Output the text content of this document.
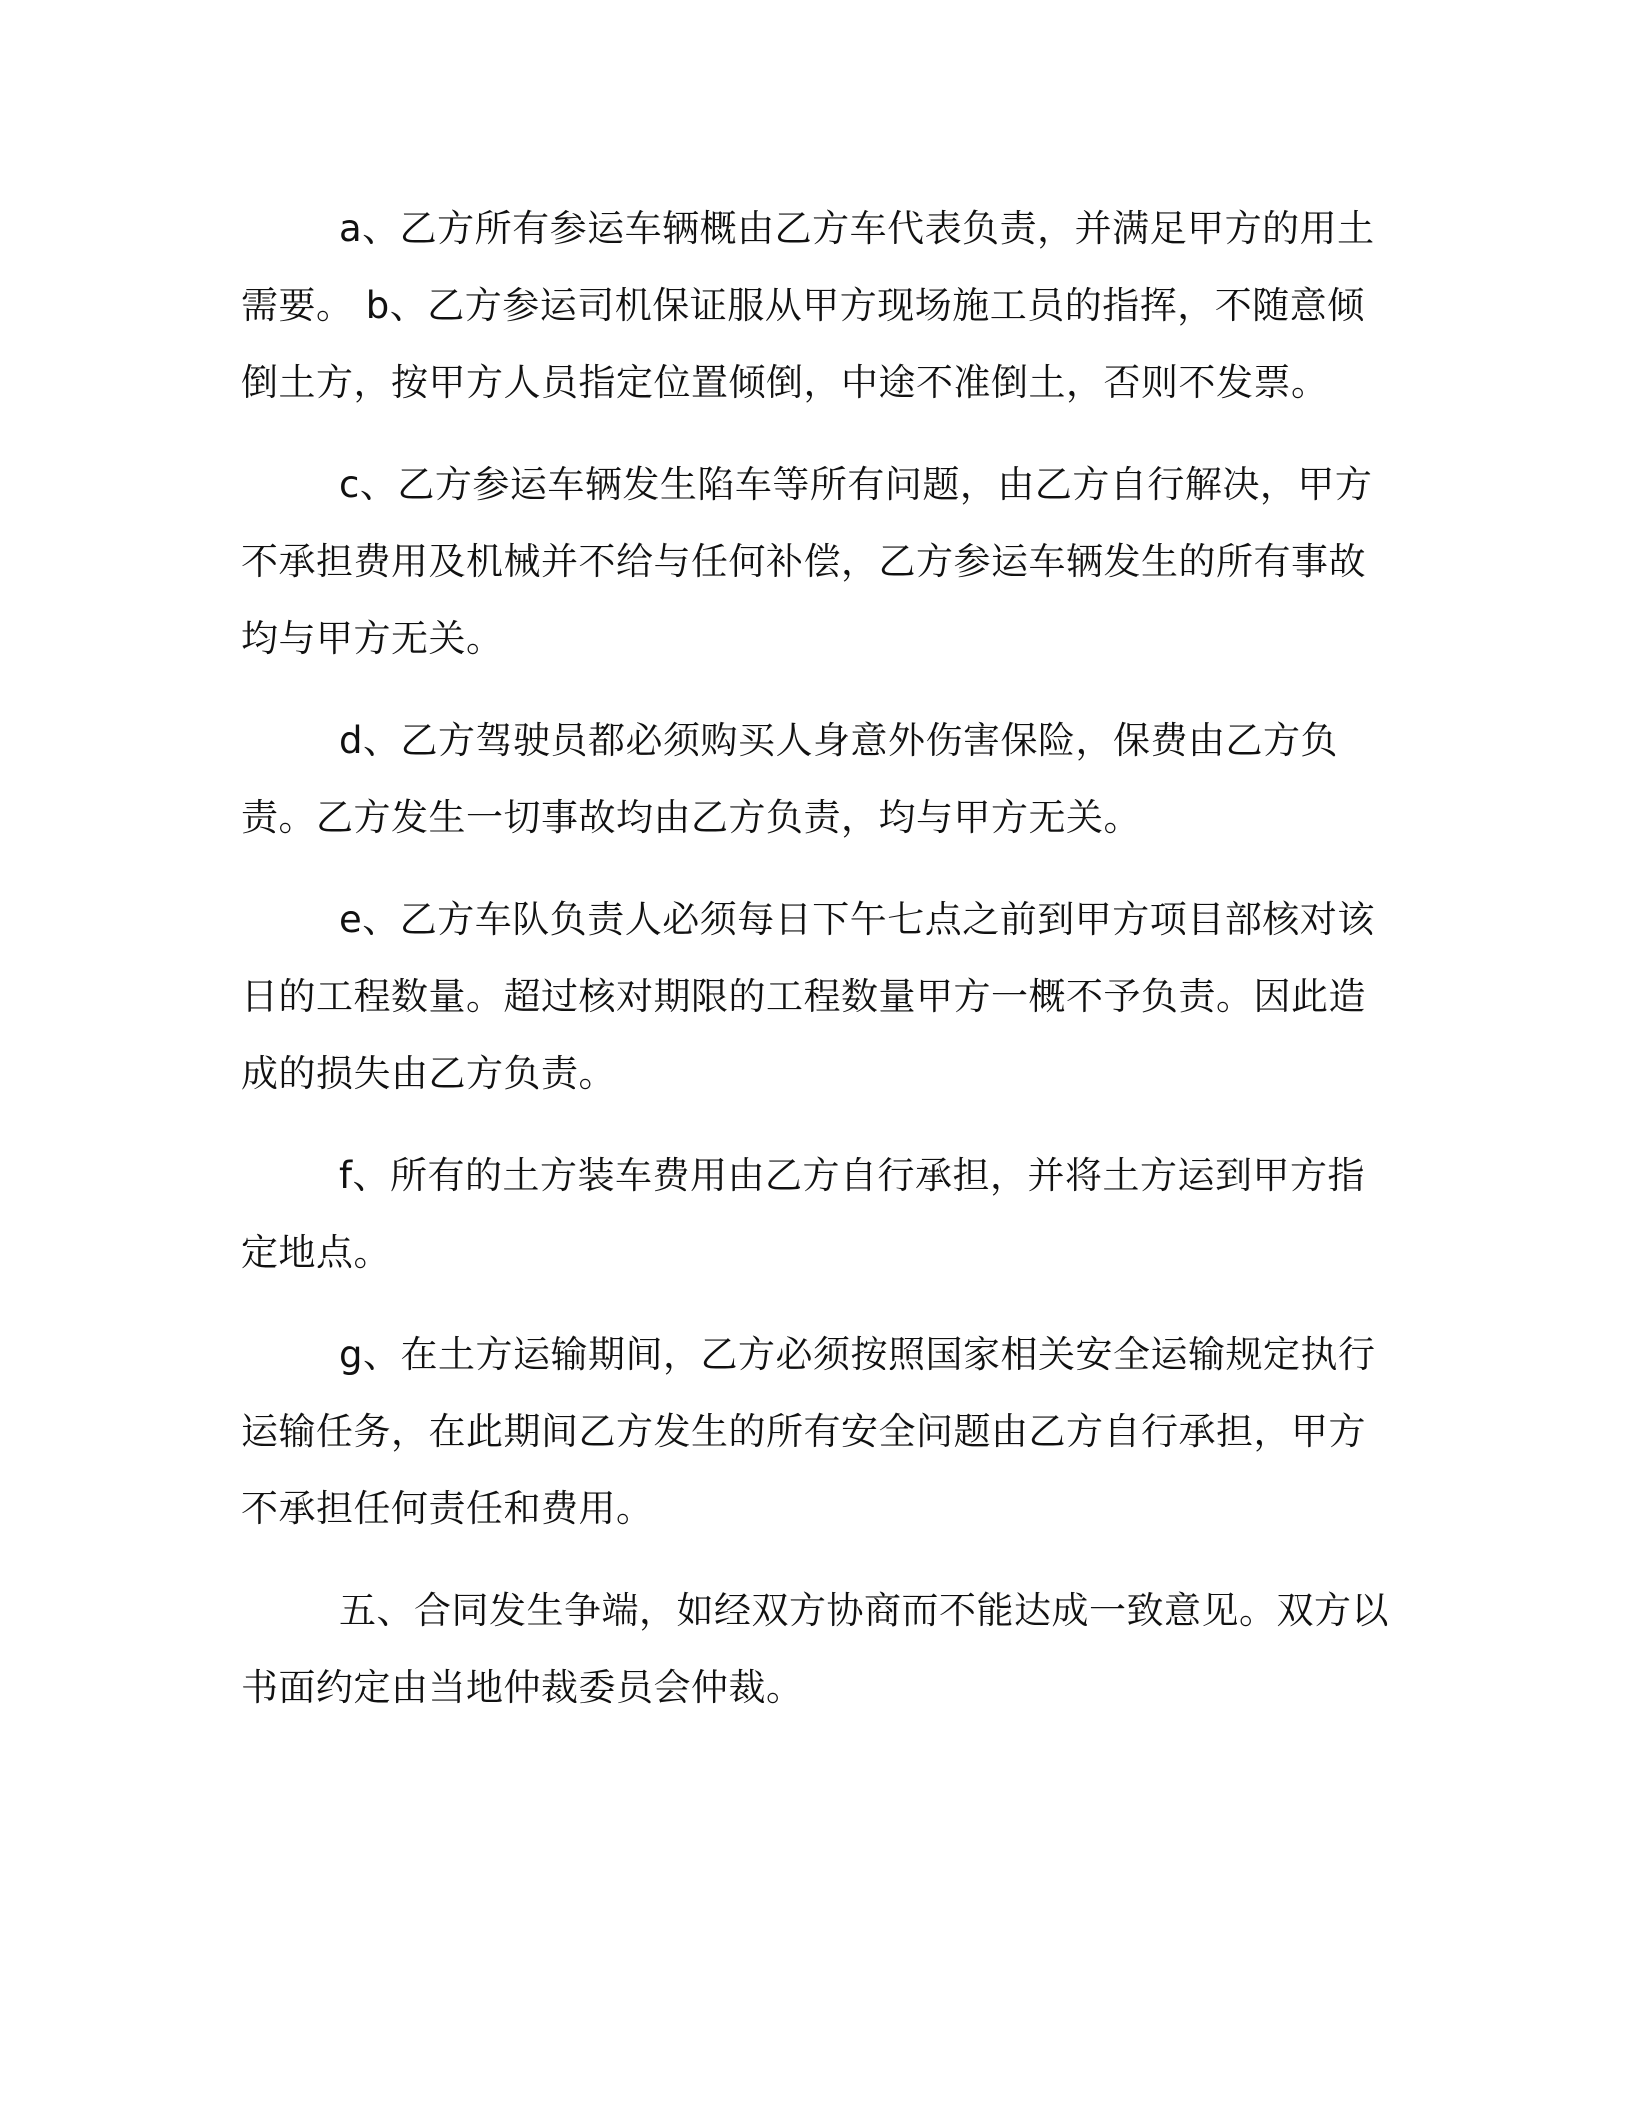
a、乙方所有参运车辆概由乙方车代表负责，并满足甲方的用土需要。 b、乙方参运司机保证服从甲方现场施工员的指挥，不随意倾倒土方，按甲方人员指定位置倾倒，中途不准倒土，否则不发票。

c、乙方参运车辆发生陷车等所有问题，由乙方自行解决，甲方不承担费用及机械并不给与任何补偿，乙方参运车辆发生的所有事故均与甲方无关。

d、乙方驾驶员都必须购买人身意外伤害保险，保费由乙方负责。乙方发生一切事故均由乙方负责，均与甲方无关。

e、乙方车队负责人必须每日下午七点之前到甲方项目部核对该日的工程数量。超过核对期限的工程数量甲方一概不予负责。因此造成的损失由乙方负责。

f、所有的土方装车费用由乙方自行承担，并将土方运到甲方指定地点。

g、在土方运输期间，乙方必须按照国家相关安全运输规定执行运输任务，在此期间乙方发生的所有安全问题由乙方自行承担，甲方不承担任何责任和费用。

五、合同发生争端，如经双方协商而不能达成一致意见。双方以书面约定由当地仲裁委员会仲裁。
